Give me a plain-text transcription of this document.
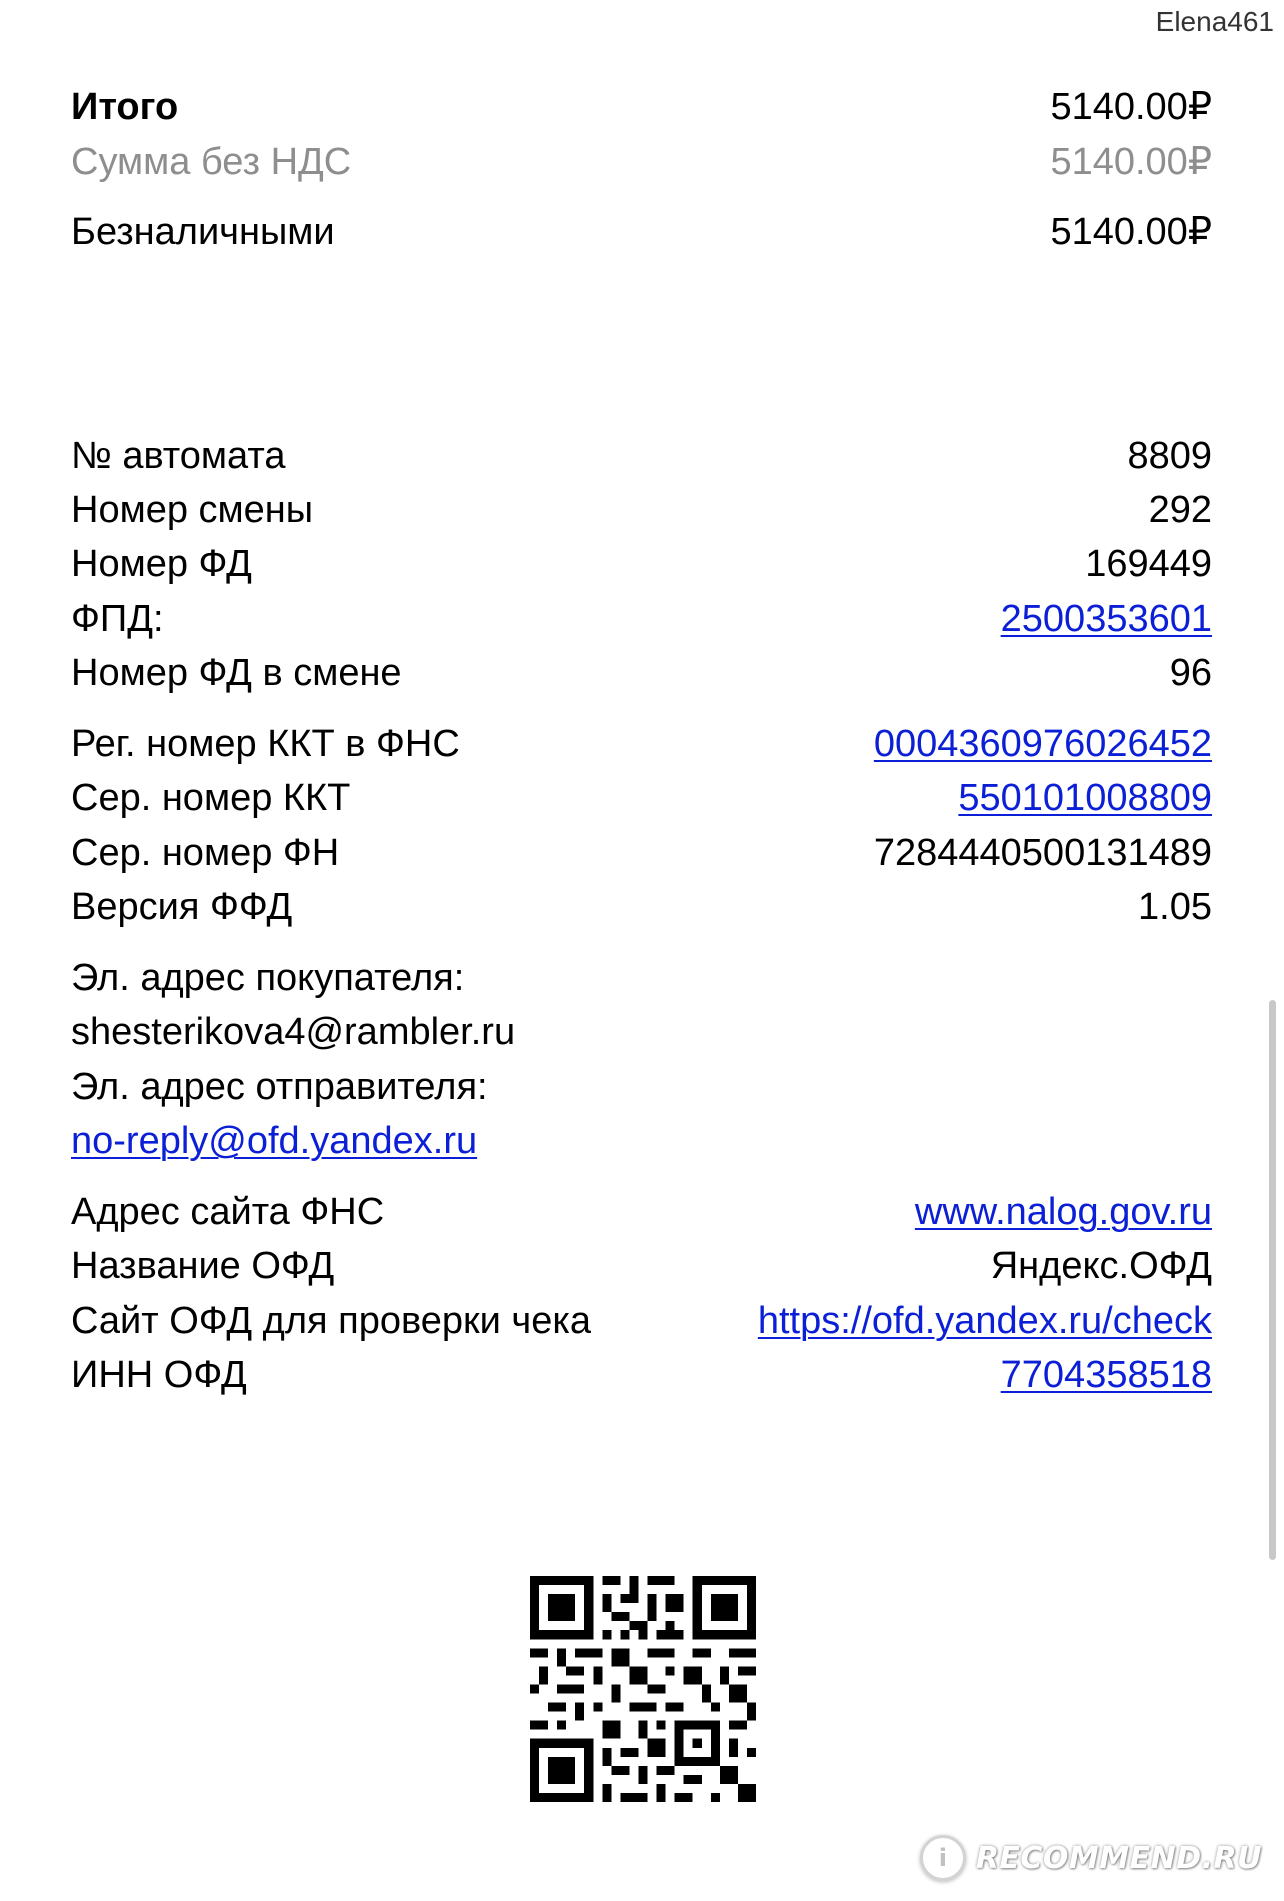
Elena461
Итого	5140.00₽
Сумма без НДС	5140.00₽
Безналичными	5140.00₽
№ автомата	8809
Номер смены	292
Номер ФД	169449
ФПД:	2500353601
Номер ФД в смене	96
Рег. номер ККТ в ФНС	0004360976026452
Сер. номер ККТ	550101008809
Сер. номер ФН	7284440500131489
Версия ФФД	1.05
Эл. адрес покупателя:
shesterikova4@rambler.ru
Эл. адрес отправителя:
no-reply@ofd.yandex.ru
Адрес сайта ФНС	www.nalog.gov.ru
Название ОФД	Яндекс.ОФД
Сайт ОФД для проверки чека	https://ofd.yandex.ru/check
ИНН ОФД	7704358518
i RECOMMEND.RU
